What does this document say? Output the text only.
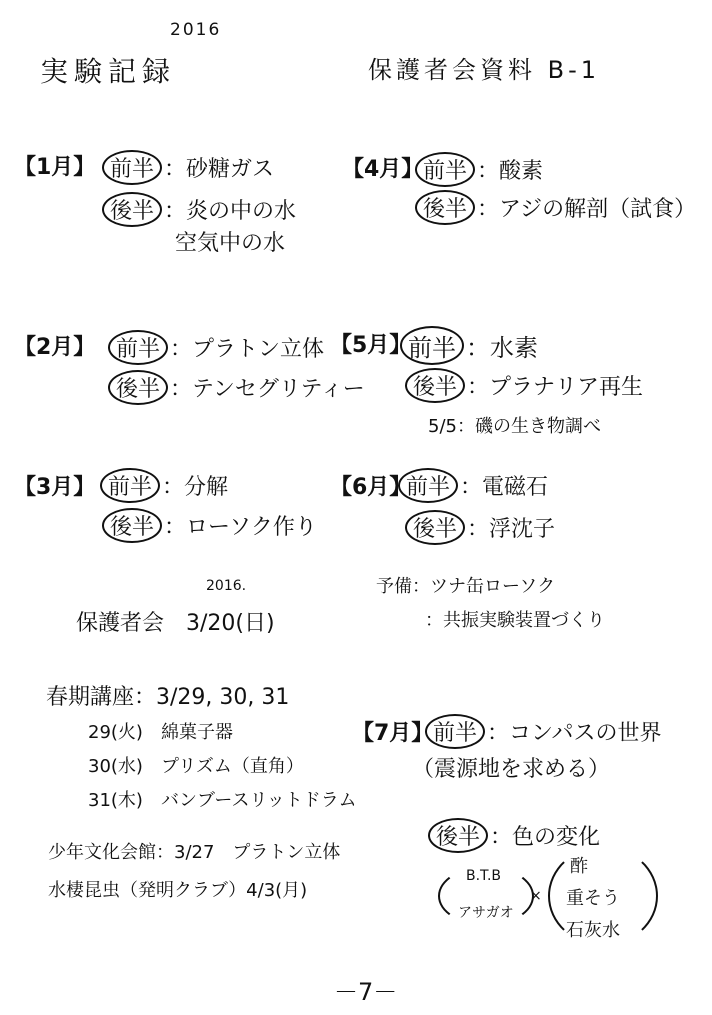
2016
実験記録	保護者会資料 B-1
【1月】 前半 ：砂糖ガス
後半 ：炎の中の水
空気中の水
【4月】 前半 ：酸素
後半 ：アジの解剖（試食）
【2月】 前半 ：プラトン立体
後半 ：テンセグリティー
【5月】
前半 ：水素
後半 ：プラナリア再生
5/5：磯の生き物調べ
【3月】 前半 ：分解
後半 ：ローソク作り
【6月】
前半 ：電磁石
後半 ：浮沈子
予備：ツナ缶ローソク
：共振実験装置づくり
2016.
保護者会　3/20(日)
春期講座：3/29, 30, 31
29(火)　綿菓子器
30(水)　プリズム（直角）
31(木)　バンブースリットドラム
少年文化会館：3/27　プラトン立体
水棲昆虫（発明クラブ）4/3(月)
【7月】 前半 ：コンパスの世界
（震源地を求める）
後半 ：色の変化
B.T.B
アサガオ
×
酢
重そう
石灰水
－7－
